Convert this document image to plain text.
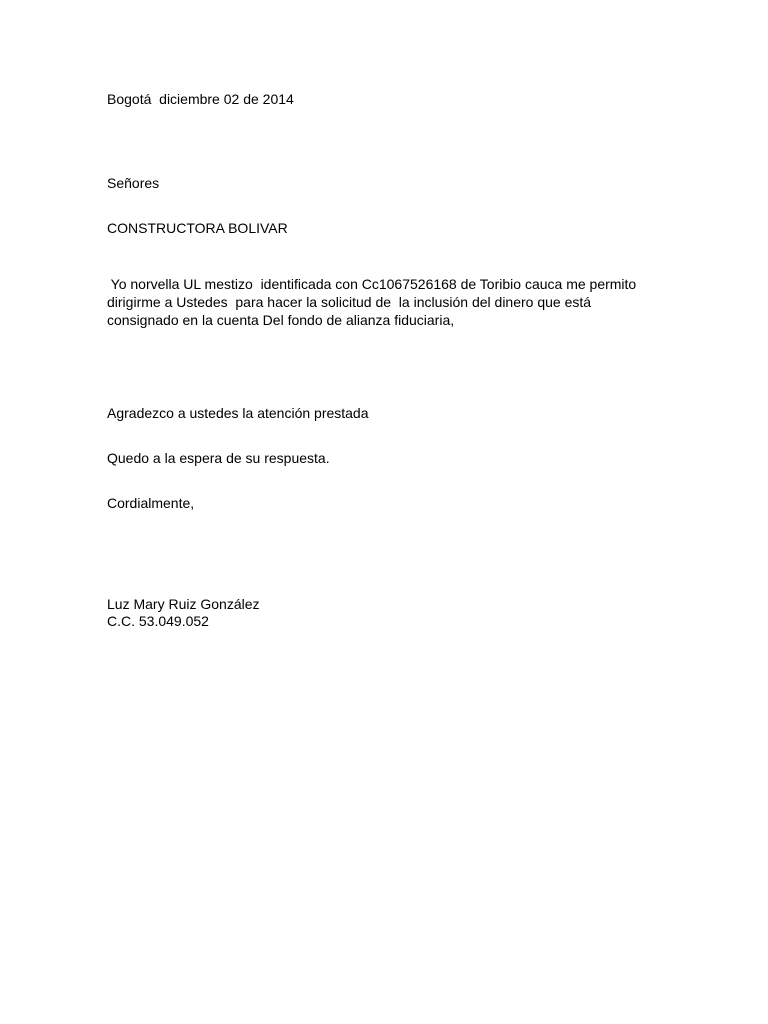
Bogotá  diciembre 02 de 2014

Señores

CONSTRUCTORA BOLIVAR

Yo norvella UL mestizo  identificada con Cc1067526168 de Toribio cauca me permito

dirigirme a Ustedes  para hacer la solicitud de  la inclusión del dinero que está

consignado en la cuenta Del fondo de alianza fiduciaria,

Agradezco a ustedes la atención prestada

Quedo a la espera de su respuesta.

Cordialmente,

Luz Mary Ruiz González

C.C. 53.049.052
